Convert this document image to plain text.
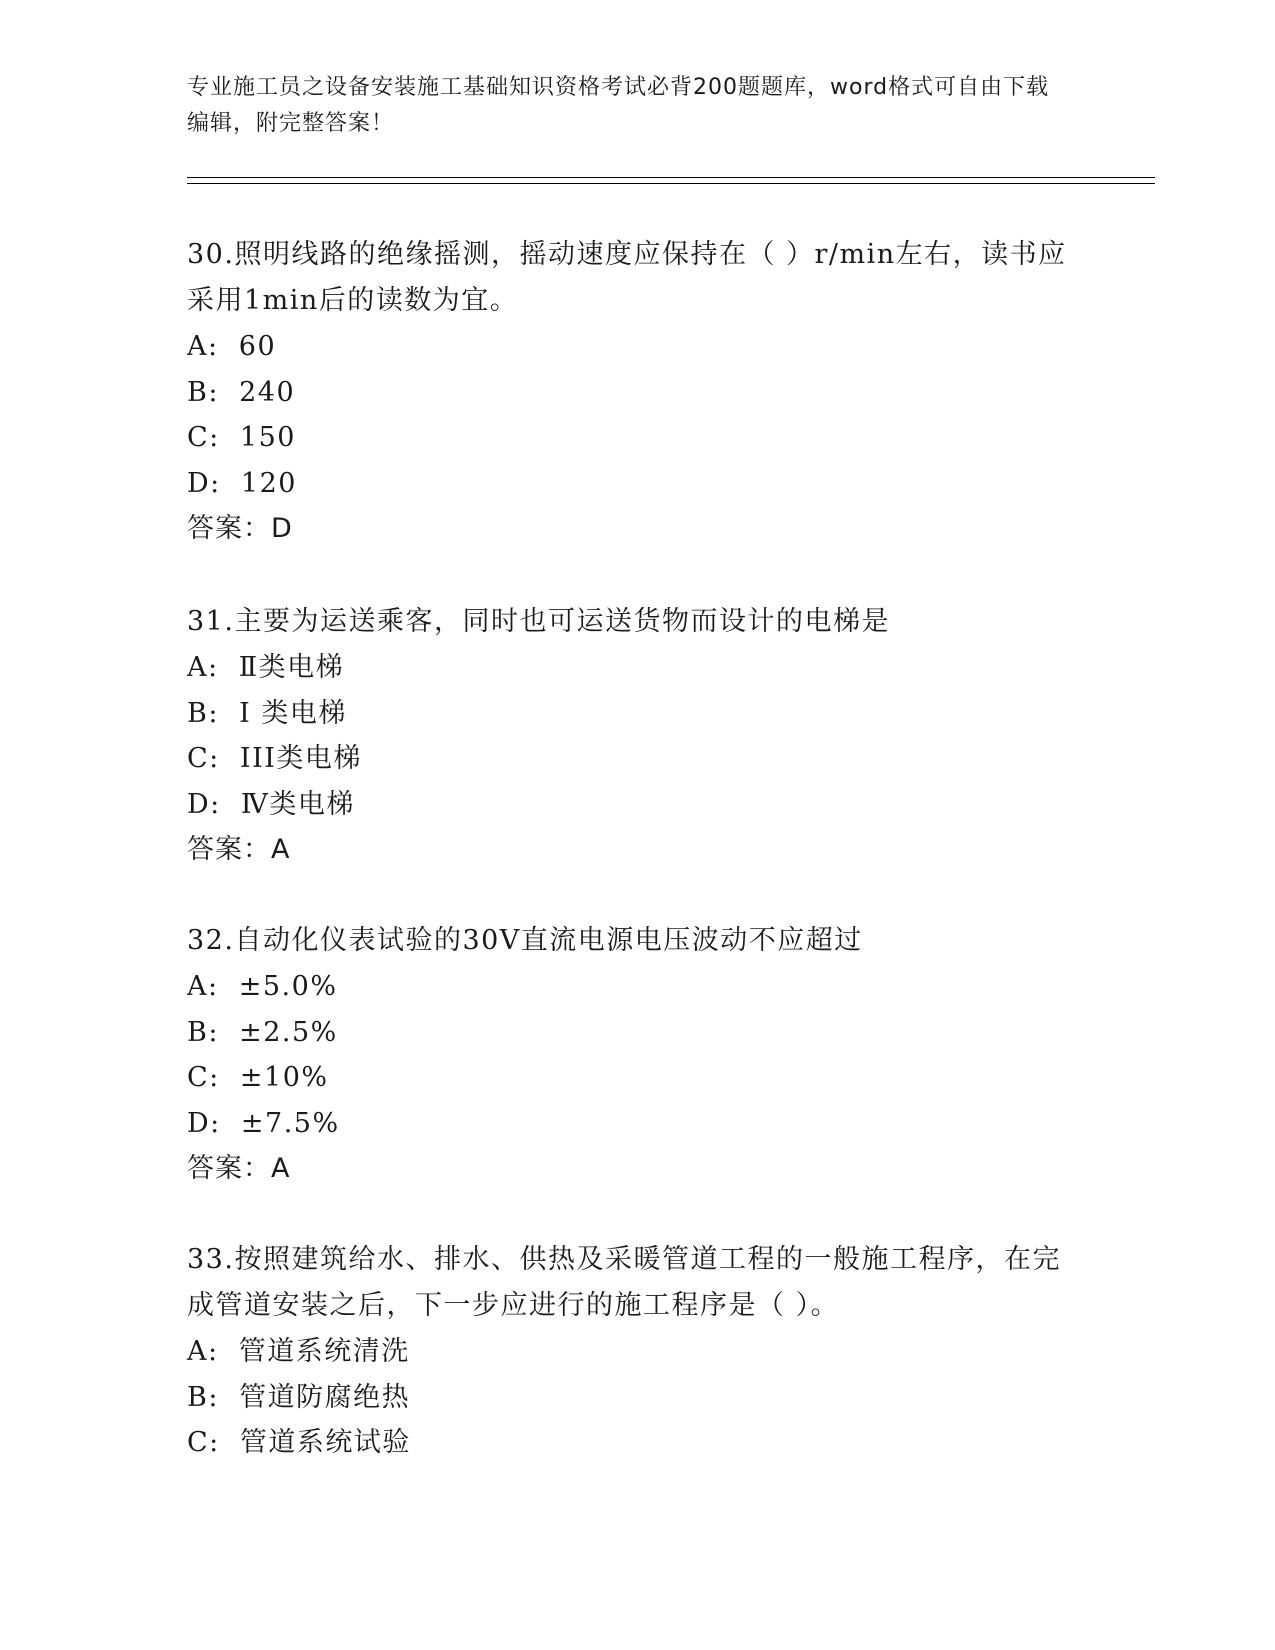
专业施工员之设备安装施工基础知识资格考试必背200题题库，word格式可自由下载编辑，附完整答案！
30.照明线路的绝缘摇测，摇动速度应保持在（ ）r/min左右，读书应采用1min后的读数为宜。
A:  60
B:  240
C:  150
D:  120
答案：D
31.主要为运送乘客，同时也可运送货物而设计的电梯是
A:  Ⅱ类电梯
B:  I 类电梯
C:  III类电梯
D:  Ⅳ类电梯
答案：A
32.自动化仪表试验的30V直流电源电压波动不应超过
A:  ±5.0%
B:  ±2.5%
C:  ±10%
D:  ±7.5%
答案：A
33.按照建筑给水、排水、供热及采暖管道工程的一般施工程序，在完成管道安装之后，下一步应进行的施工程序是（ ）。
A:  管道系统清洗
B:  管道防腐绝热
C:  管道系统试验
